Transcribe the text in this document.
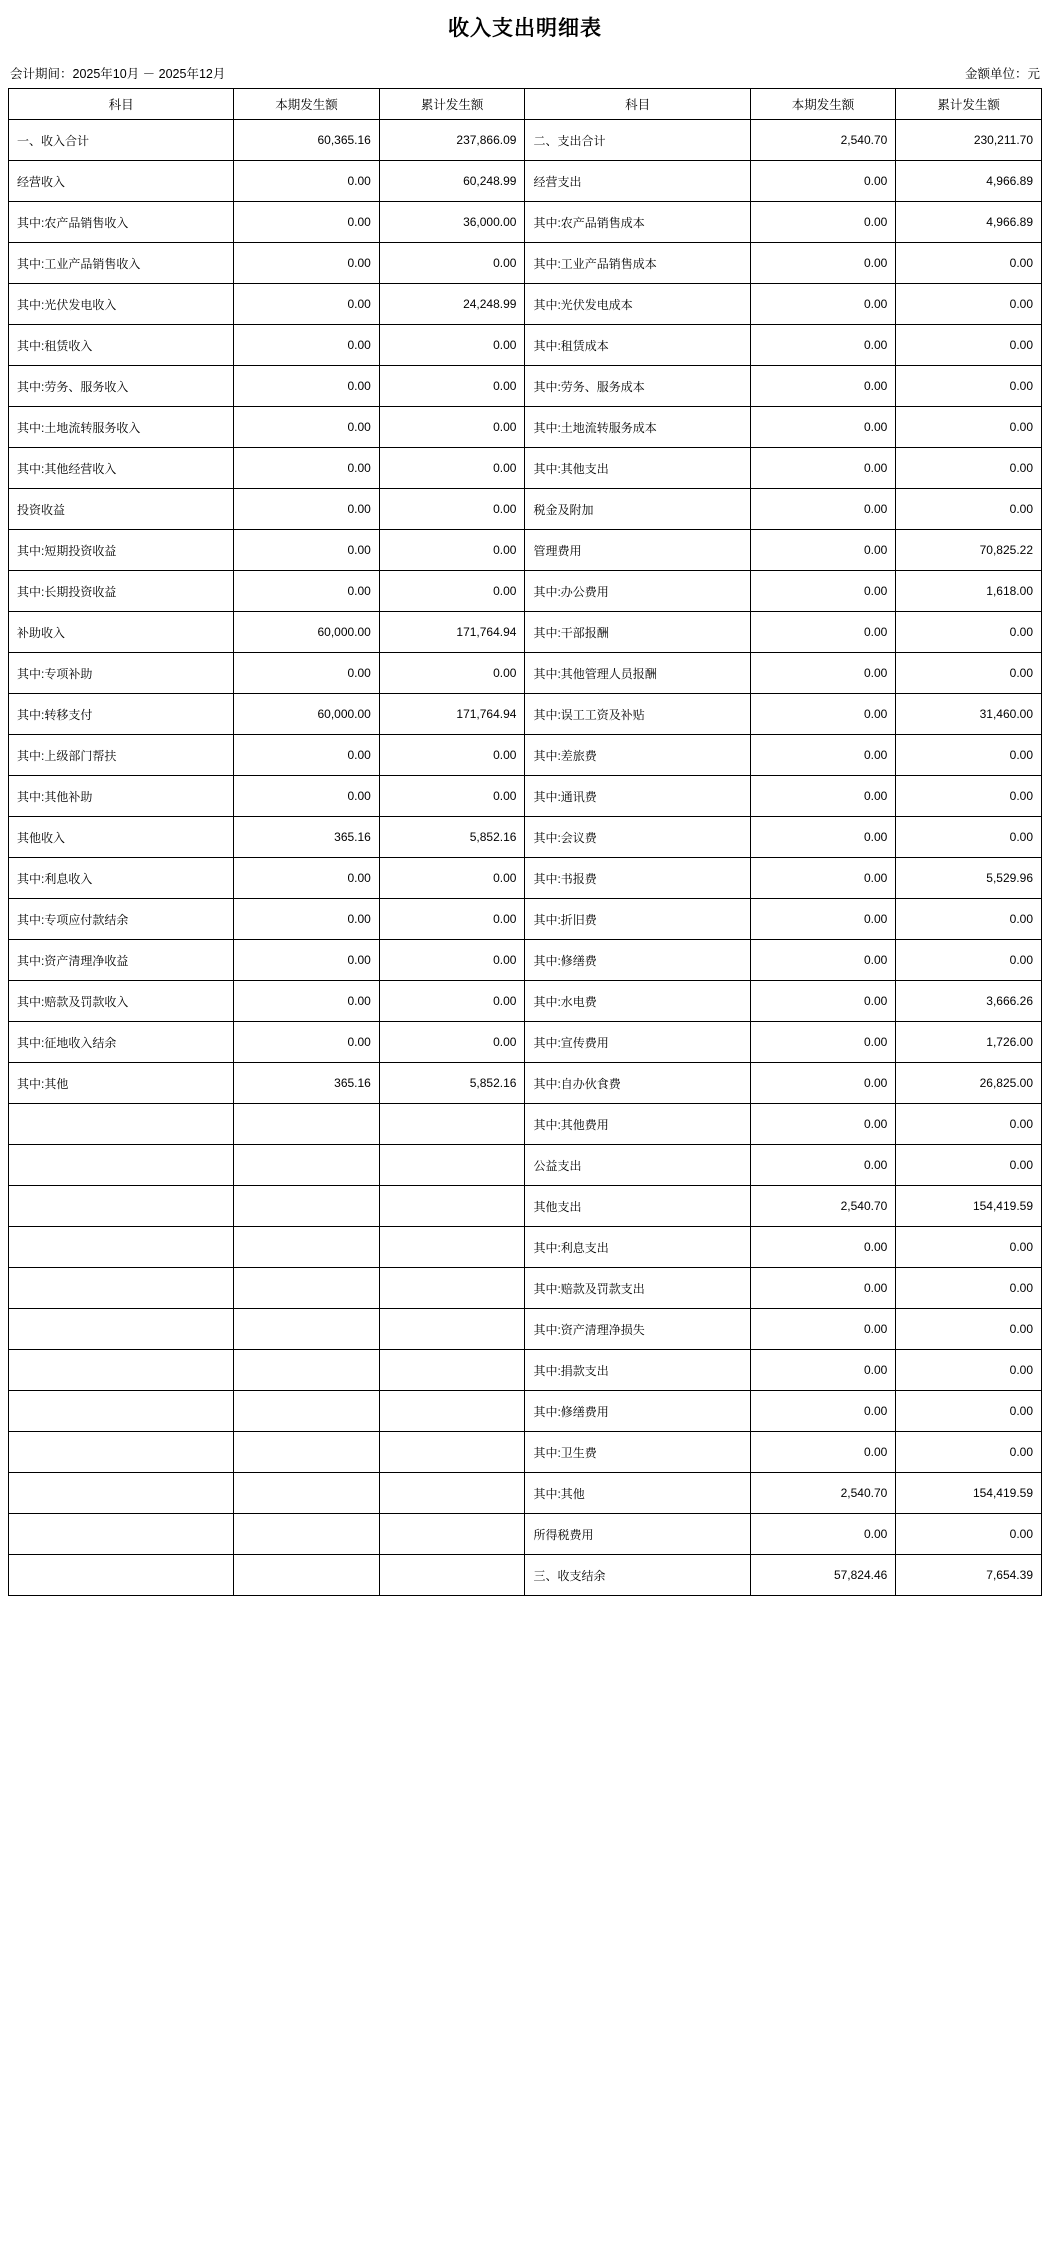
收入支出明细表
会计期间：2025年10月 － 2025年12月	金额单位：元
科目	本期发生额	累计发生额	科目	本期发生额	累计发生额
一、收入合计	60,365.16	237,866.09	二、支出合计	2,540.70	230,211.70
经营收入	0.00	60,248.99	经营支出	0.00	4,966.89
其中:农产品销售收入	0.00	36,000.00	其中:农产品销售成本	0.00	4,966.89
其中:工业产品销售收入	0.00	0.00	其中:工业产品销售成本	0.00	0.00
其中:光伏发电收入	0.00	24,248.99	其中:光伏发电成本	0.00	0.00
其中:租赁收入	0.00	0.00	其中:租赁成本	0.00	0.00
其中:劳务、服务收入	0.00	0.00	其中:劳务、服务成本	0.00	0.00
其中:土地流转服务收入	0.00	0.00	其中:土地流转服务成本	0.00	0.00
其中:其他经营收入	0.00	0.00	其中:其他支出	0.00	0.00
投资收益	0.00	0.00	税金及附加	0.00	0.00
其中:短期投资收益	0.00	0.00	管理费用	0.00	70,825.22
其中:长期投资收益	0.00	0.00	其中:办公费用	0.00	1,618.00
补助收入	60,000.00	171,764.94	其中:干部报酬	0.00	0.00
其中:专项补助	0.00	0.00	其中:其他管理人员报酬	0.00	0.00
其中:转移支付	60,000.00	171,764.94	其中:误工工资及补贴	0.00	31,460.00
其中:上级部门帮扶	0.00	0.00	其中:差旅费	0.00	0.00
其中:其他补助	0.00	0.00	其中:通讯费	0.00	0.00
其他收入	365.16	5,852.16	其中:会议费	0.00	0.00
其中:利息收入	0.00	0.00	其中:书报费	0.00	5,529.96
其中:专项应付款结余	0.00	0.00	其中:折旧费	0.00	0.00
其中:资产清理净收益	0.00	0.00	其中:修缮费	0.00	0.00
其中:赔款及罚款收入	0.00	0.00	其中:水电费	0.00	3,666.26
其中:征地收入结余	0.00	0.00	其中:宣传费用	0.00	1,726.00
其中:其他	365.16	5,852.16	其中:自办伙食费	0.00	26,825.00
			其中:其他费用	0.00	0.00
			公益支出	0.00	0.00
			其他支出	2,540.70	154,419.59
			其中:利息支出	0.00	0.00
			其中:赔款及罚款支出	0.00	0.00
			其中:资产清理净损失	0.00	0.00
			其中:捐款支出	0.00	0.00
			其中:修缮费用	0.00	0.00
			其中:卫生费	0.00	0.00
			其中:其他	2,540.70	154,419.59
			所得税费用	0.00	0.00
			三、收支结余	57,824.46	7,654.39
